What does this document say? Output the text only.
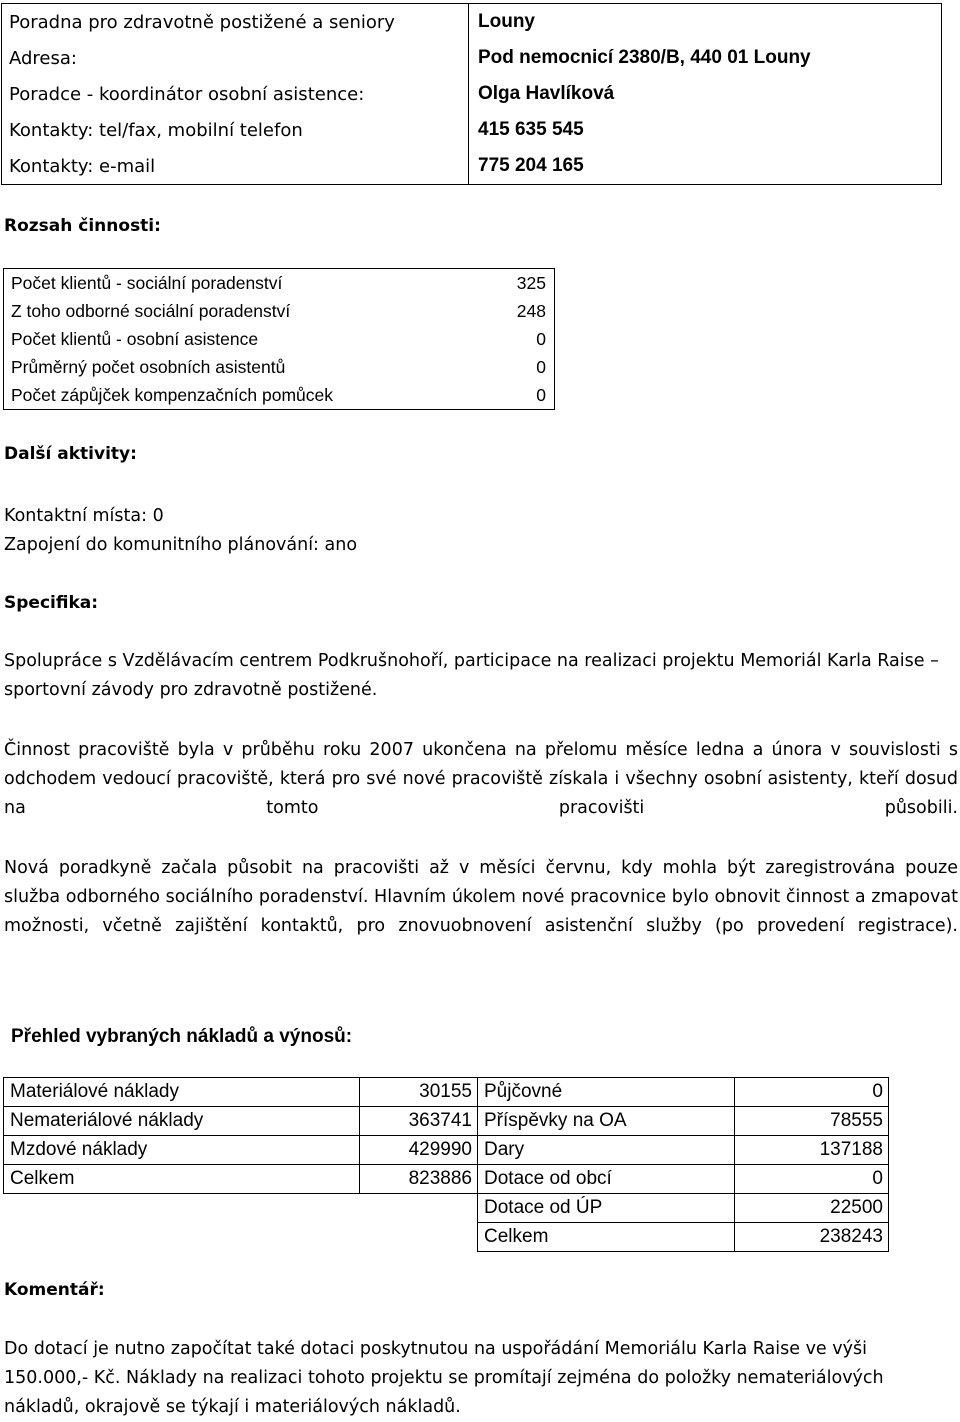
Poradna pro zdravotně postižené a seniory	Louny
Adresa:	Pod nemocnicí 2380/B, 440 01 Louny
Poradce - koordinátor osobní asistence:	Olga Havlíková
Kontakty: tel/fax, mobilní telefon	415 635 545
Kontakty: e-mail	775 204 165
Rozsah činnosti:
Počet klientů - sociální poradenství	325
Z toho odborné sociální poradenství	248
Počet klientů - osobní asistence	0
Průměrný počet osobních asistentů	0
Počet zápůjček kompenzačních pomůcek	0
Další aktivity:
Kontaktní místa: 0
Zapojení do komunitního plánování: ano
Specifika:
Spolupráce s Vzdělávacím centrem Podkrušnohoří, participace na realizaci projektu Memoriál Karla Raise – sportovní závody pro zdravotně postižené.
Činnost pracoviště byla v průběhu roku 2007 ukončena na přelomu měsíce ledna a února v souvislosti s odchodem vedoucí pracoviště, která pro své nové pracoviště získala i všechny osobní asistenty, kteří dosud na tomto pracovišti působili.
Nová poradkyně začala působit na pracovišti až v měsíci červnu, kdy mohla být zaregistrována pouze služba odborného sociálního poradenství. Hlavním úkolem nové pracovnice bylo obnovit činnost a zmapovat možnosti, včetně zajištění kontaktů, pro znovuobnovení asistenční služby (po provedení registrace).
Přehled vybraných nákladů a výnosů:
Materiálové náklady	30155	Půjčovné	0
Nemateriálové náklady	363741	Příspěvky na OA	78555
Mzdové náklady	429990	Dary	137188
Celkem	823886	Dotace od obcí	0
		Dotace od ÚP	22500
		Celkem	238243
Komentář:
Do dotací je nutno započítat také dotaci poskytnutou na uspořádání Memoriálu Karla Raise ve výši 150.000,- Kč. Náklady na realizaci tohoto projektu se promítají zejména do položky nemateriálových nákladů, okrajově se týkají i materiálových nákladů.
